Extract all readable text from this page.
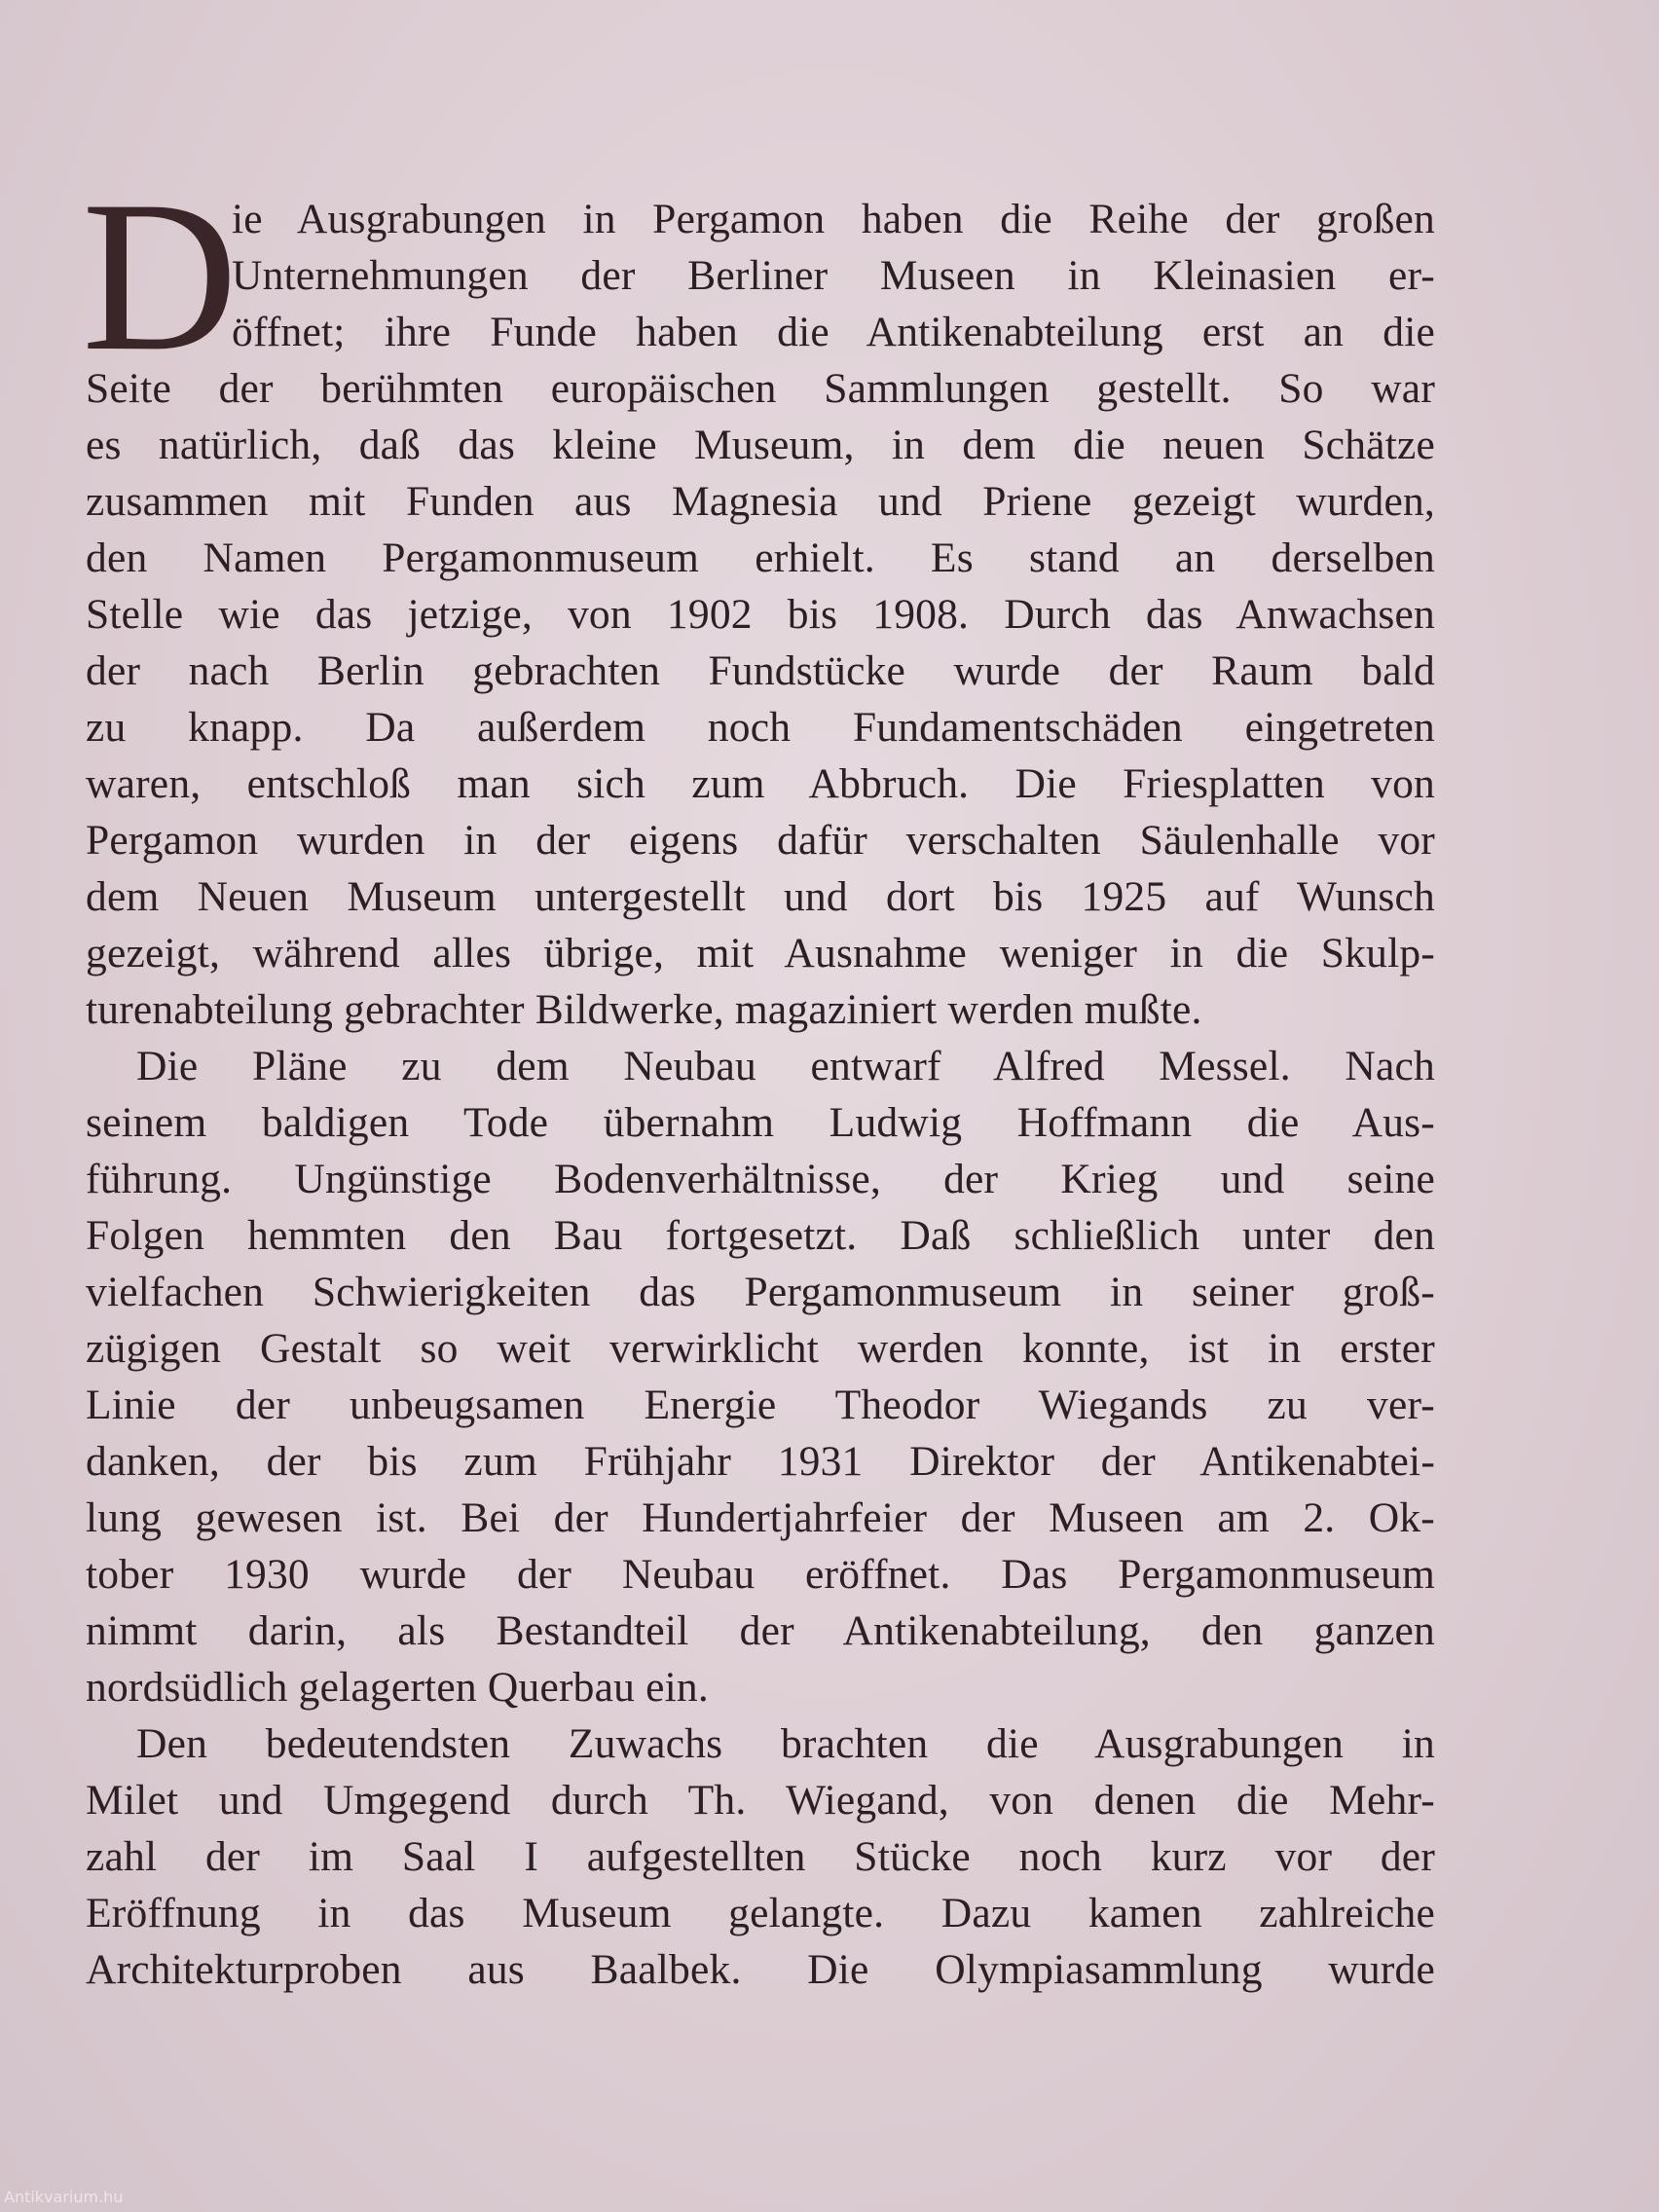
D
ie Ausgrabungen in Pergamon haben die Reihe der großen
Unternehmungen der Berliner Museen in Kleinasien er-
öffnet; ihre Funde haben die Antikenabteilung erst an die
Seite der berühmten europäischen Sammlungen gestellt. So war
es natürlich, daß das kleine Museum, in dem die neuen Schätze
zusammen mit Funden aus Magnesia und Priene gezeigt wurden,
den Namen Pergamonmuseum erhielt. Es stand an derselben
Stelle wie das jetzige, von 1902 bis 1908. Durch das Anwachsen
der nach Berlin gebrachten Fundstücke wurde der Raum bald
zu knapp. Da außerdem noch Fundamentschäden eingetreten
waren, entschloß man sich zum Abbruch. Die Friesplatten von
Pergamon wurden in der eigens dafür verschalten Säulenhalle vor
dem Neuen Museum untergestellt und dort bis 1925 auf Wunsch
gezeigt, während alles übrige, mit Ausnahme weniger in die Skulp-
turenabteilung gebrachter Bildwerke, magaziniert werden mußte.
Die Pläne zu dem Neubau entwarf Alfred Messel. Nach
seinem baldigen Tode übernahm Ludwig Hoffmann die Aus-
führung. Ungünstige Bodenverhältnisse, der Krieg und seine
Folgen hemmten den Bau fortgesetzt. Daß schließlich unter den
vielfachen Schwierigkeiten das Pergamonmuseum in seiner groß-
zügigen Gestalt so weit verwirklicht werden konnte, ist in erster
Linie der unbeugsamen Energie Theodor Wiegands zu ver-
danken, der bis zum Frühjahr 1931 Direktor der Antikenabtei-
lung gewesen ist. Bei der Hundertjahrfeier der Museen am 2. Ok-
tober 1930 wurde der Neubau eröffnet. Das Pergamonmuseum
nimmt darin, als Bestandteil der Antikenabteilung, den ganzen
nordsüdlich gelagerten Querbau ein.
Den bedeutendsten Zuwachs brachten die Ausgrabungen in
Milet und Umgegend durch Th. Wiegand, von denen die Mehr-
zahl der im Saal I aufgestellten Stücke noch kurz vor der
Eröffnung in das Museum gelangte. Dazu kamen zahlreiche
Architekturproben aus Baalbek. Die Olympiasammlung wurde
Antikvarium.hu
